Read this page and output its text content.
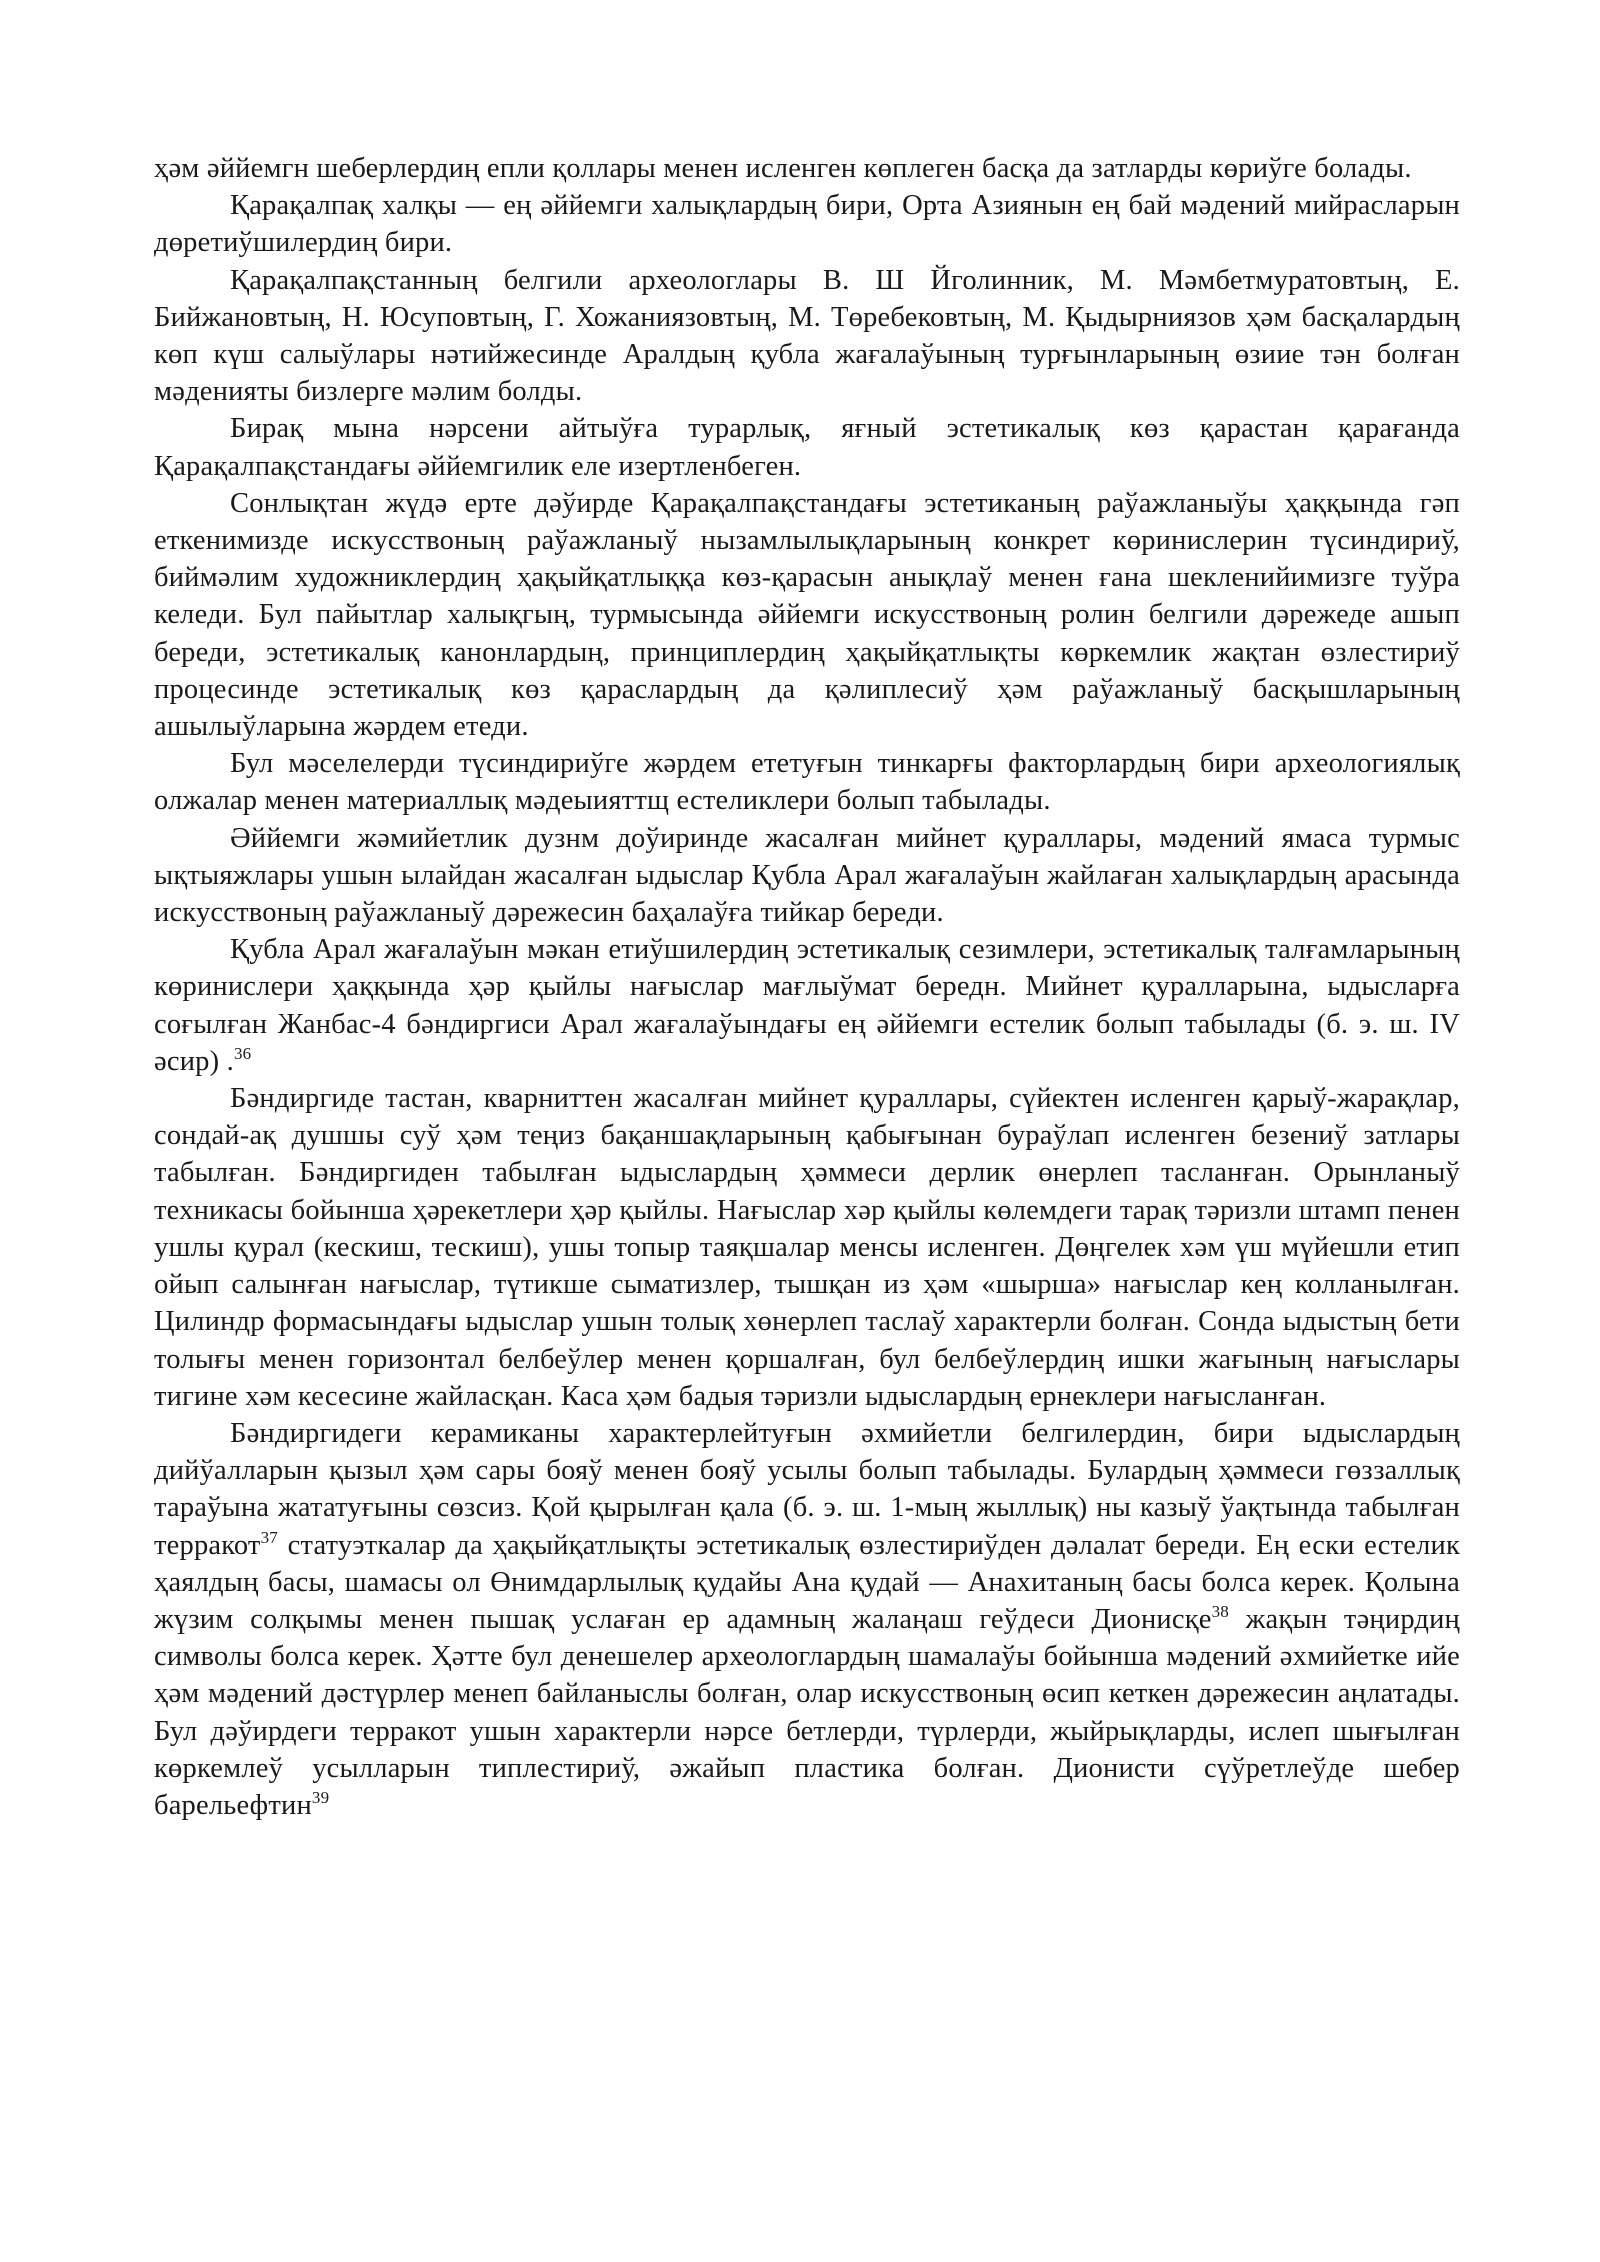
ҳәм әййемгн шеберлердиң епли қоллары менен исленген көплеген басқа да затларды көриўге болады.

Қарақалпақ халқы — ең әййемги халықлардың бири, Орта Азиянын ең бай мәдений мийрасларын дөретиўшилердиң бири.

Қарақалпақстанның белгили археологлары В. Ш Йголинник, М. Мәмбетмуратовтың, Е. Бийжановтың, Н. Юсуповтың, Г. Хожаниязовтың, М. Төребековтың, М. Қыдырниязов ҳәм басқалардың көп күш салыўлары нәтийжесинде Аралдың қубла жағалаўының турғынларының өзиие тән болған мәденияты бизлерге мәлим болды.

Бирақ мына нәрсени айтыўға турарлық, яғный эстетикалық көз қарастан қарағанда Қарақалпақстандағы әййемгилик еле изертленбеген.

Сонлықтан жүдә ерте дәўирде Қарақалпақстандағы эстетиканың раўажланыўы ҳаққында гәп еткенимизде искусствоның раўажланыў нызамлылықларының конкрет көринислерин түсиндириў, биймәлим художниклердиң ҳақыйқатлыққа көз-қарасын анықлаў менен ғана шекленийимизге туўра келеди. Бул пайытлар халықгың, турмысында әййемги искусствоның ролин белгили дәрежеде ашып береди, эстетикалық канонлардың, принциплердиң ҳақыйқатлықты көркемлик жақтан өзлестириў процесинде эстетикалық көз қараслардың да қәлиплесиў ҳәм раўажланыў басқышларының ашылыўларына жәрдем етеди.

Бул мәселелерди түсиндириўге жәрдем ететуғын тинкарғы факторлардың бири археологиялық олжалар менен материаллық мәдеыияттщ естеликлери болып табылады.

Әййемги жәмийетлик дузнм доўиринде жасалған мийнет қураллары, мәдений ямаса турмыс ықтыяжлары ушын ылайдан жасалған ыдыслар Қубла Арал жағалаўын жайлаған халықлардың арасында искусствоның раўажланыў дәрежесин баҳалаўға тийкар береди.

Қубла Арал жағалаўын мәкан етиўшилердиң эстетикалық сезимлери, эстетикалық талғамларының көринислери ҳаққында ҳәр қыйлы нағыслар мағлыўмат бередн. Мийнет қуралларына, ыдысларға соғылған Жанбас-4 бәндиргиси Арал жағалаўындағы ең әййемги естелик болып табылады (б. э. ш. IV әсир) .$^{36}$

Бәндиргиде тастан, кварниттен жасалған мийнет қураллары, сүйектен исленген қарыў-жарақлар, сондай-ақ душшы суў ҳәм теңиз бақаншақларының қабығынан бураўлап исленген безениў затлары табылған. Бәндиргиден табылған ыдыслардың ҳәммеси дерлик өнерлеп тасланған. Орынланыў техникасы бойынша ҳәрекетлери ҳәр қыйлы. Нағыслар хәр қыйлы көлемдеги тарақ тәризли штамп пенен ушлы қурал (кескиш, тескиш), ушы топыр таяқшалар менсы исленген. Дөңгелек хәм үш мүйешли етип ойып салынған нағыслар, түтикше сыматизлер, тышқан из ҳәм «шырша» нағыслар кең колланылған. Цилиндр формасындағы ыдыслар ушын толық хөнерлеп таслаў характерли болған. Сонда ыдыстың бети толығы менен горизонтал белбеўлер менен қоршалған, бул белбеўлердиң ишки жағының нағыслары тигине хәм кесесине жайласқан. Каса ҳәм бадыя тәризли ыдыслардың ернеклери нағысланған.

Бәндиргидеги керамиканы характерлейтуғын әхмийетли белгилердин, бири ыдыслардың дийўалларын қызыл ҳәм сары бояў менен бояў усылы болып табылады. Булардың ҳәммеси гөззаллық тараўына жататуғыны сөзсиз. Қой қырылған қала (б. э. ш. 1-мың жыллық) ны казыў ўақтында табылған терракот$^{37}$ статуэткалар да ҳақыйқатлықты эстетикалық өзлестириўден дәлалат береди. Ең ески естелик ҳаялдың басы, шамасы ол Өнимдарлылық қудайы Ана қудай — Анахитаның басы болса керек. Қолына жүзим солқымы менен пышақ услаған ер адамның жалаңаш геўдеси Дионисқе$^{38}$ жақын тәңирдиң символы болса керек. Ҳәтте бул денешелер археологлардың шамалаўы бойынша мәдений әхмийетке ийе ҳәм мәдений дәстүрлер менеп байланыслы болған, олар искусствоның өсип кеткен дәрежесин аңлатады. Бул дәўирдеги терракот ушын характерли нәрсе бетлерди, түрлерди, жыйрықларды, ислеп шығылған көркемлеў усылларын типлестириў, әжайып пластика болған. Дионисти сүўретлеўде шебер барельефтин$^{39}$
